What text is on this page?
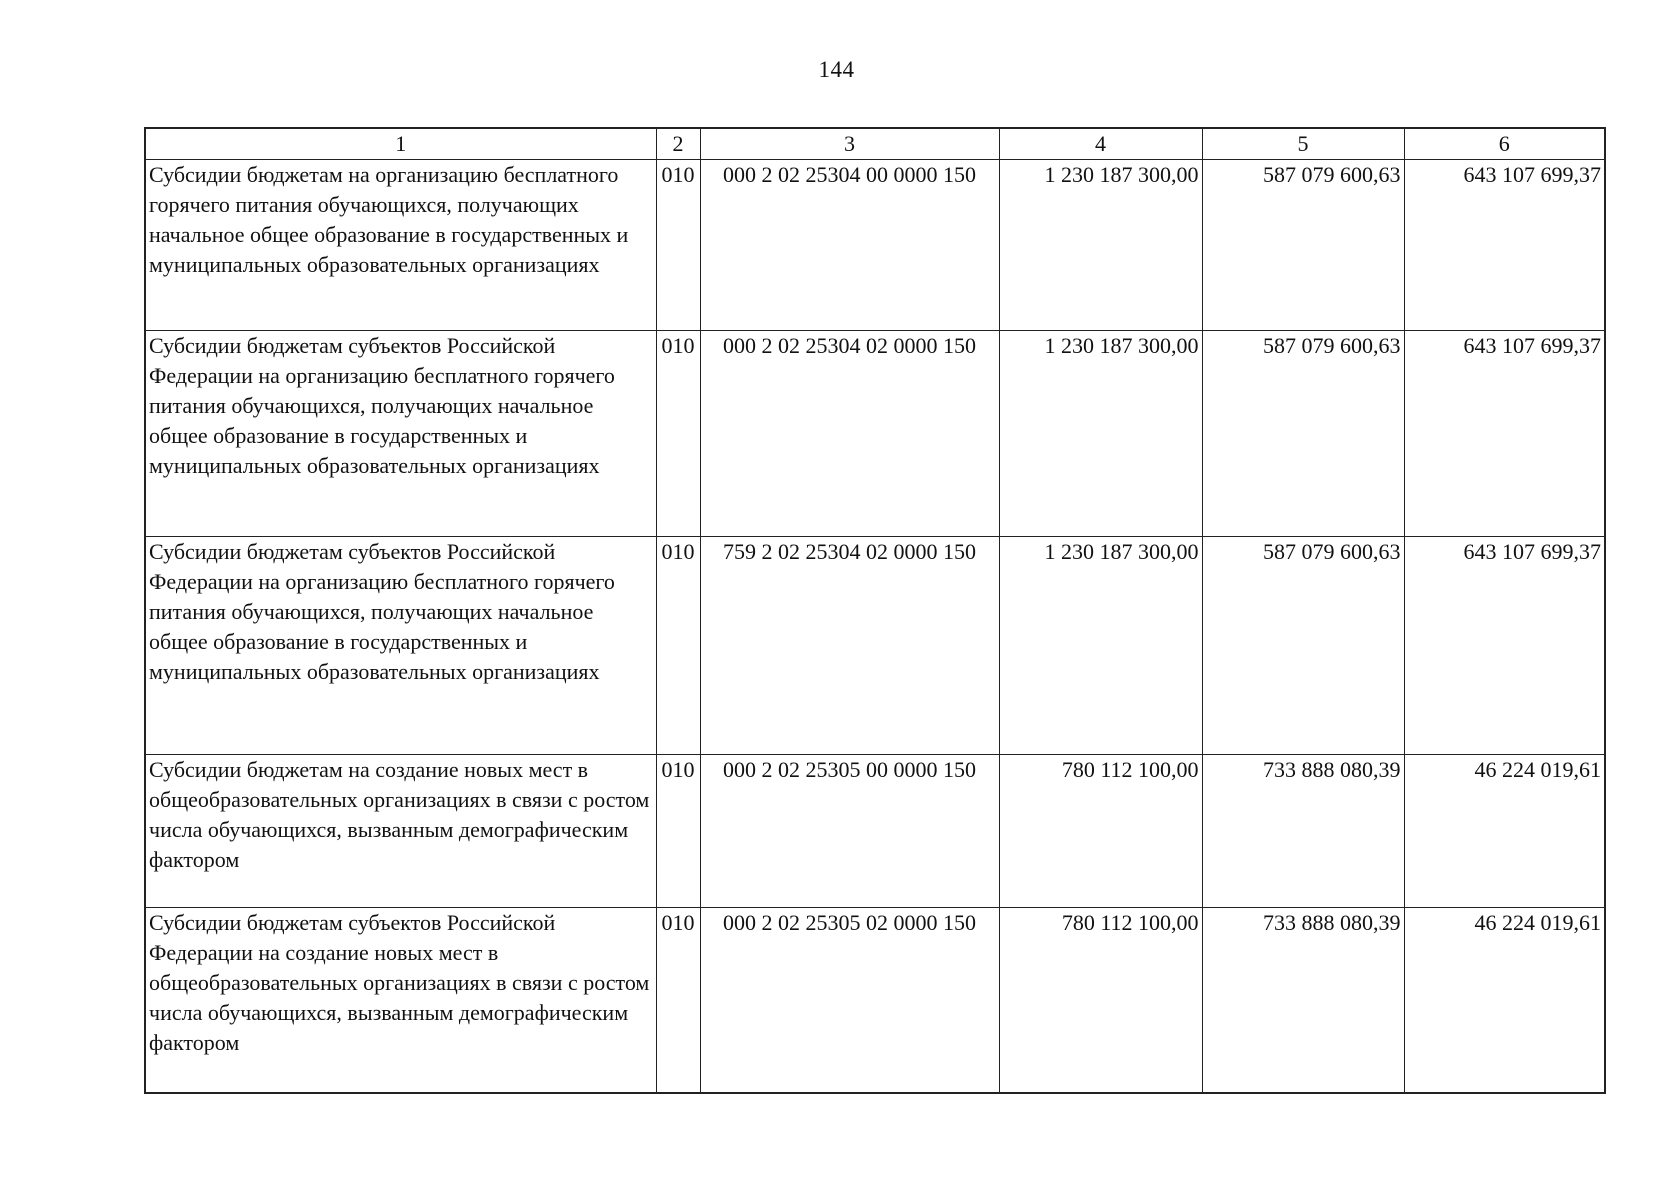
144
1	2	3	4	5	6
Субсидии бюджетам на организацию бесплатного горячего питания обучающихся, получающих начальное общее образование в государственных и муниципальных образовательных организациях	010	000 2 02 25304 00 0000 150	1 230 187 300,00	587 079 600,63	643 107 699,37
Субсидии бюджетам субъектов Российской Федерации на организацию бесплатного горячего питания обучающихся, получающих начальное общее образование в государственных и муниципальных образовательных организациях	010	000 2 02 25304 02 0000 150	1 230 187 300,00	587 079 600,63	643 107 699,37
Субсидии бюджетам субъектов Российской Федерации на организацию бесплатного горячего питания обучающихся, получающих начальное общее образование в государственных и муниципальных образовательных организациях	010	759 2 02 25304 02 0000 150	1 230 187 300,00	587 079 600,63	643 107 699,37
Субсидии бюджетам на создание новых мест в общеобразовательных организациях в связи с ростом числа обучающихся, вызванным демографическим фактором	010	000 2 02 25305 00 0000 150	780 112 100,00	733 888 080,39	46 224 019,61
Субсидии бюджетам субъектов Российской Федерации на создание новых мест в общеобразовательных организациях в связи с ростом числа обучающихся, вызванным демографическим фактором	010	000 2 02 25305 02 0000 150	780 112 100,00	733 888 080,39	46 224 019,61
